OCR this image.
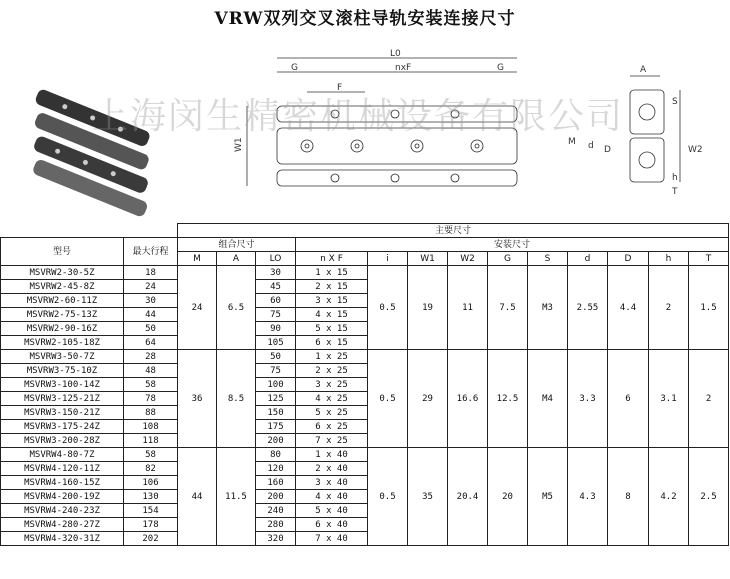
VRW双列交叉滚柱导轨安装连接尺寸
L0
G	nxF	G
F
W1
A
S
M d D	W2
h
T
上海闵生精密机械设备有限公司
		主要尺寸												
型号	最大行程	组合尺寸			安装尺寸									
		M	A	LO	n X F	i	W1	W2	G	S	d	D	h	T
MSVRW2-30-5Z	18	24	6.5	30	1 x 15	0.5	19	11	7.5	M3	2.55	4.4	2	1.5
MSVRW2-45-8Z	24			45	2 x 15									
MSVRW2-60-11Z	30			60	3 x 15									
MSVRW2-75-13Z	44			75	4 x 15									
MSVRW2-90-16Z	50			90	5 x 15									
MSVRW2-105-18Z	64			105	6 x 15									
MSVRW3-50-7Z	28	36	8.5	50	1 x 25	0.5	29	16.6	12.5	M4	3.3	6	3.1	2
MSVRW3-75-10Z	48			75	2 x 25									
MSVRW3-100-14Z	58			100	3 x 25									
MSVRW3-125-21Z	78			125	4 x 25									
MSVRW3-150-21Z	88			150	5 x 25									
MSVRW3-175-24Z	108			175	6 x 25									
MSVRW3-200-28Z	118			200	7 x 25									
MSVRW4-80-7Z	58	44	11.5	80	1 x 40	0.5	35	20.4	20	M5	4.3	8	4.2	2.5
MSVRW4-120-11Z	82			120	2 x 40									
MSVRW4-160-15Z	106			160	3 x 40									
MSVRW4-200-19Z	130			200	4 x 40									
MSVRW4-240-23Z	154			240	5 x 40									
MSVRW4-280-27Z	178			280	6 x 40									
MSVRW4-320-31Z	202			320	7 x 40									
